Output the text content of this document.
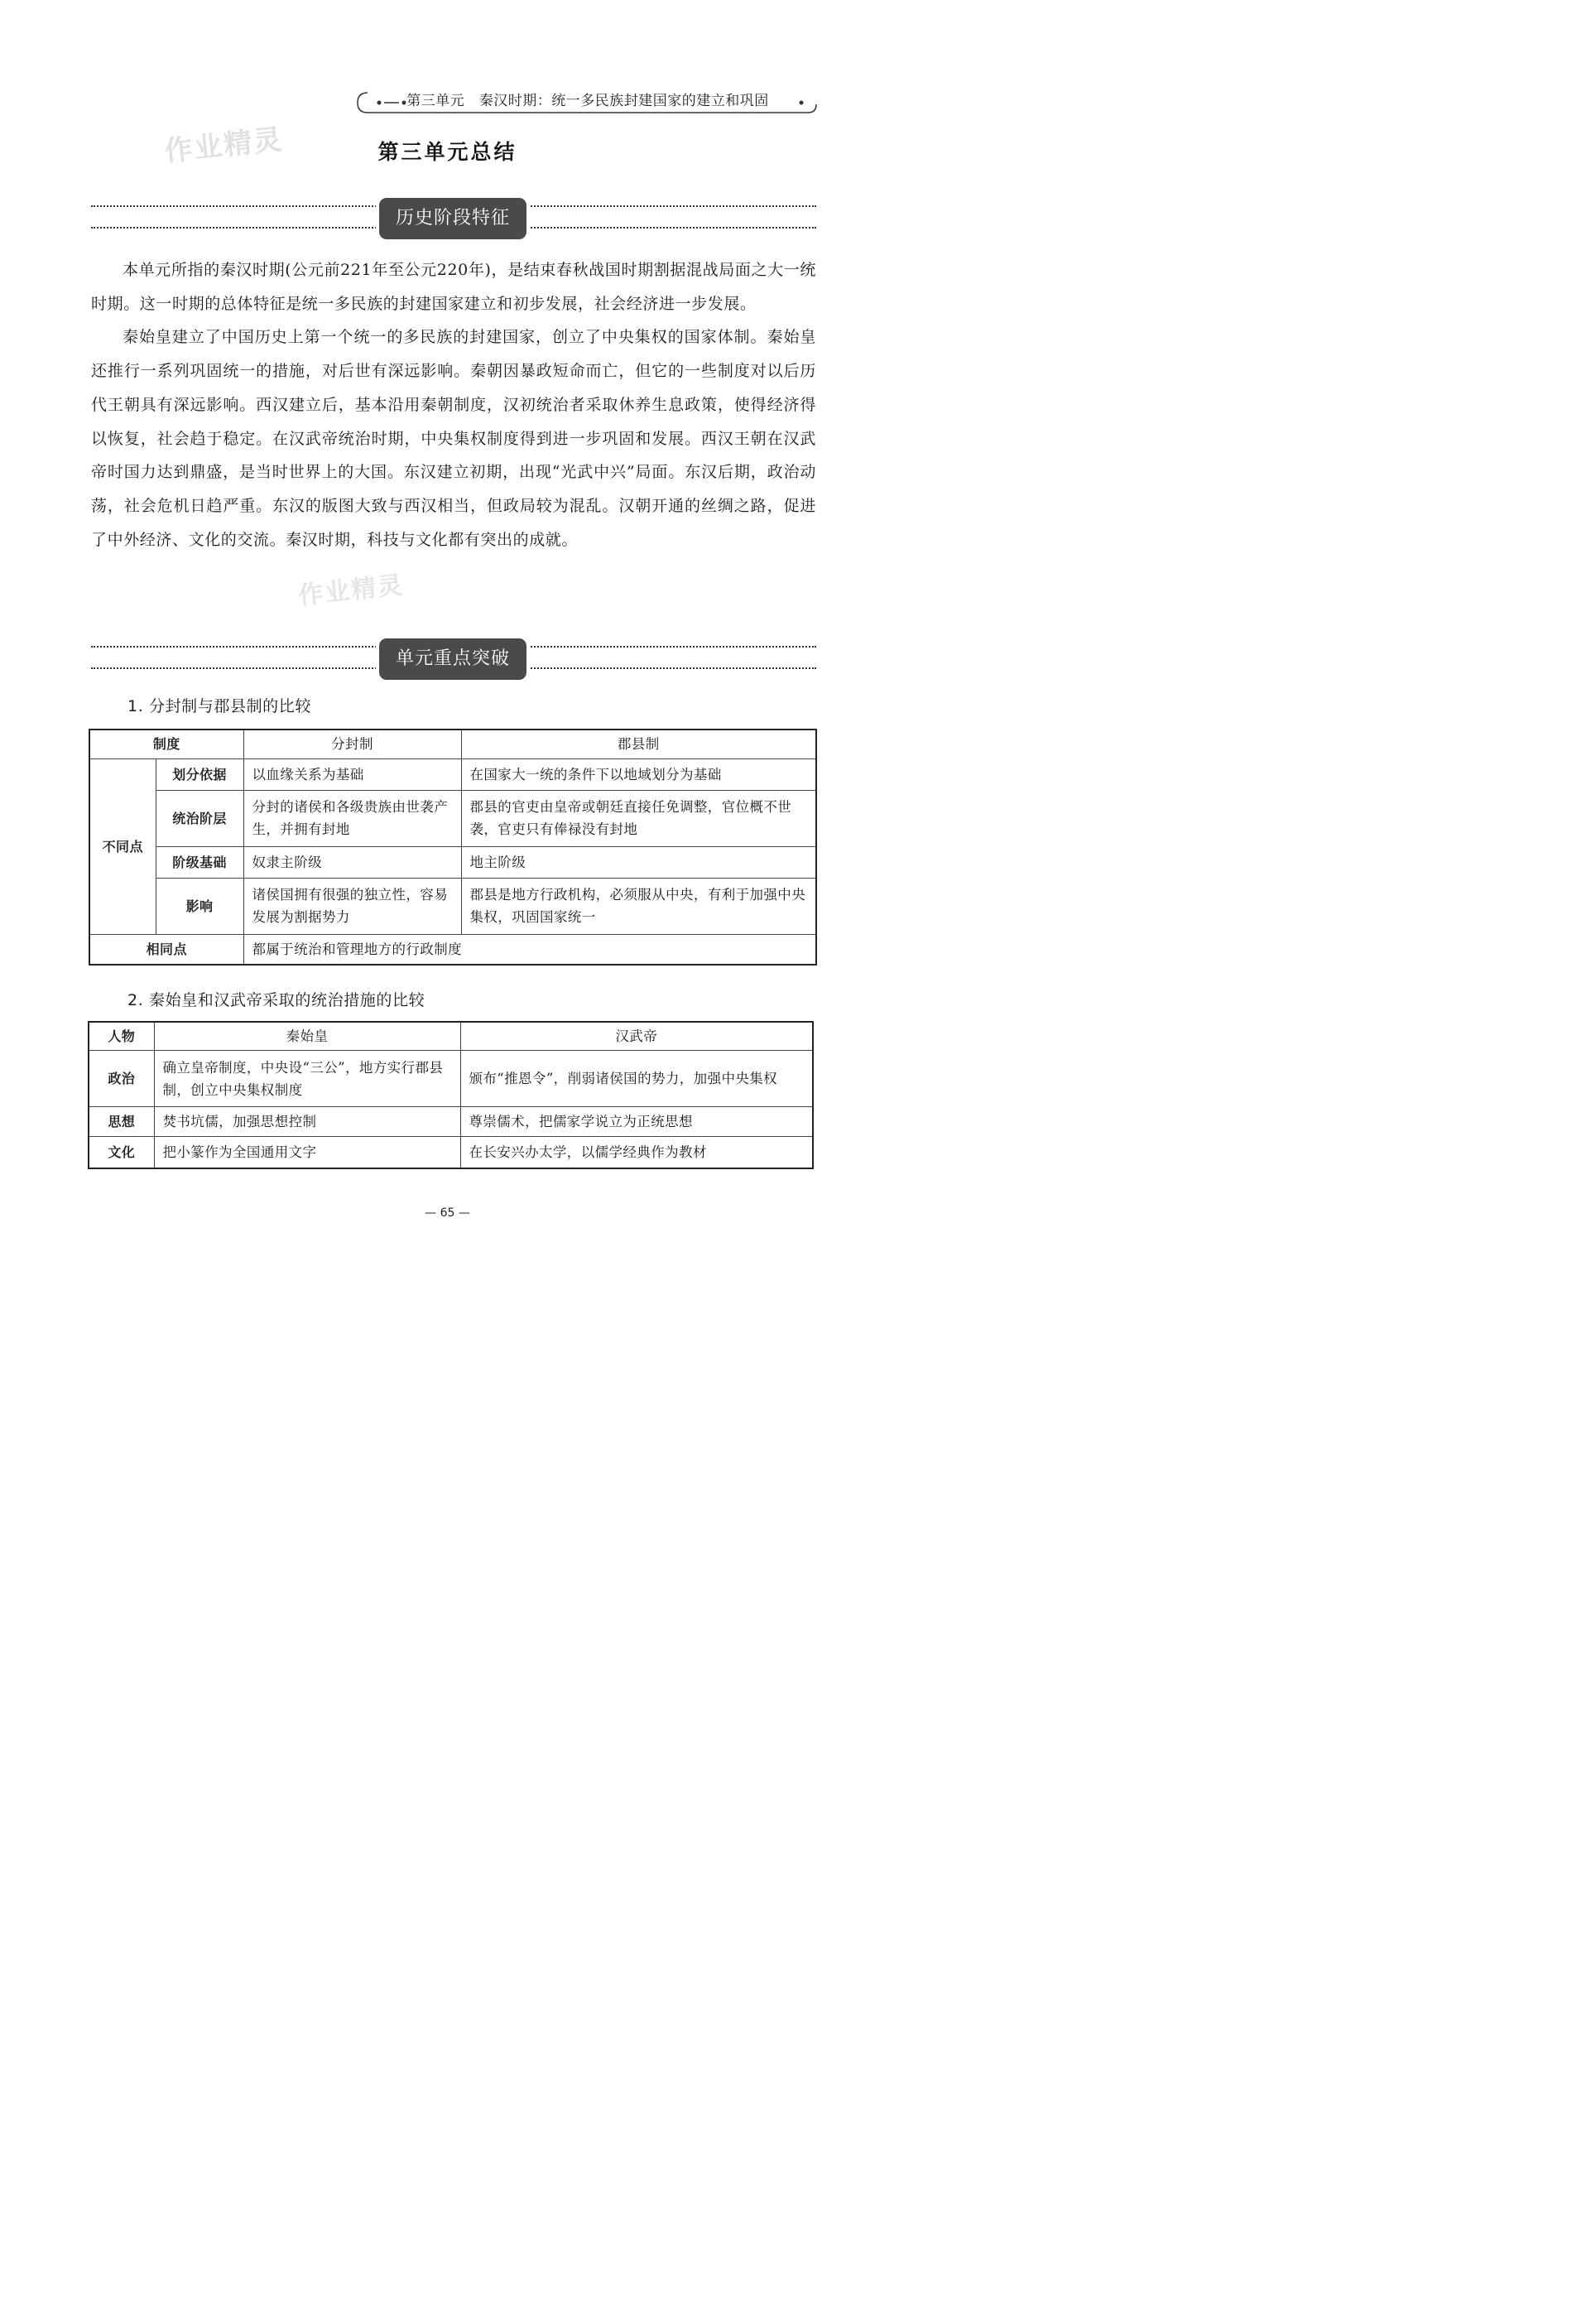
第三单元　秦汉时期：统一多民族封建国家的建立和巩固
作业精灵
作业精灵
第三单元总结
历史阶段特征

本单元所指的秦汉时期(公元前221年至公元220年)，是结束春秋战国时期割据混战局面之大一统时期。这一时期的总体特征是统一多民族的封建国家建立和初步发展，社会经济进一步发展。

秦始皇建立了中国历史上第一个统一的多民族的封建国家，创立了中央集权的国家体制。秦始皇还推行一系列巩固统一的措施，对后世有深远影响。秦朝因暴政短命而亡，但它的一些制度对以后历代王朝具有深远影响。西汉建立后，基本沿用秦朝制度，汉初统治者采取休养生息政策，使得经济得以恢复，社会趋于稳定。在汉武帝统治时期，中央集权制度得到进一步巩固和发展。西汉王朝在汉武帝时国力达到鼎盛，是当时世界上的大国。东汉建立初期，出现“光武中兴”局面。东汉后期，政治动荡，社会危机日趋严重。东汉的版图大致与西汉相当，但政局较为混乱。汉朝开通的丝绸之路，促进了中外经济、文化的交流。秦汉时期，科技与文化都有突出的成就。

单元重点突破
1. 分封制与郡县制的比较
制度		分封制	郡县制
不同点	划分依据	以血缘关系为基础	在国家大一统的条件下以地域划分为基础
	统治阶层	分封的诸侯和各级贵族由世袭产生，并拥有封地	郡县的官吏由皇帝或朝廷直接任免调整，官位概不世袭，官吏只有俸禄没有封地
	阶级基础	奴隶主阶级	地主阶级
	影响	诸侯国拥有很强的独立性，容易发展为割据势力	郡县是地方行政机构，必须服从中央，有利于加强中央集权，巩固国家统一
相同点		都属于统治和管理地方的行政制度	
2. 秦始皇和汉武帝采取的统治措施的比较
人物	秦始皇	汉武帝
政治	确立皇帝制度，中央设“三公”，地方实行郡县制，创立中央集权制度	颁布“推恩令”，削弱诸侯国的势力，加强中央集权
思想	焚书坑儒，加强思想控制	尊崇儒术，把儒家学说立为正统思想
文化	把小篆作为全国通用文字	在长安兴办太学，以儒学经典作为教材
— 65 —
